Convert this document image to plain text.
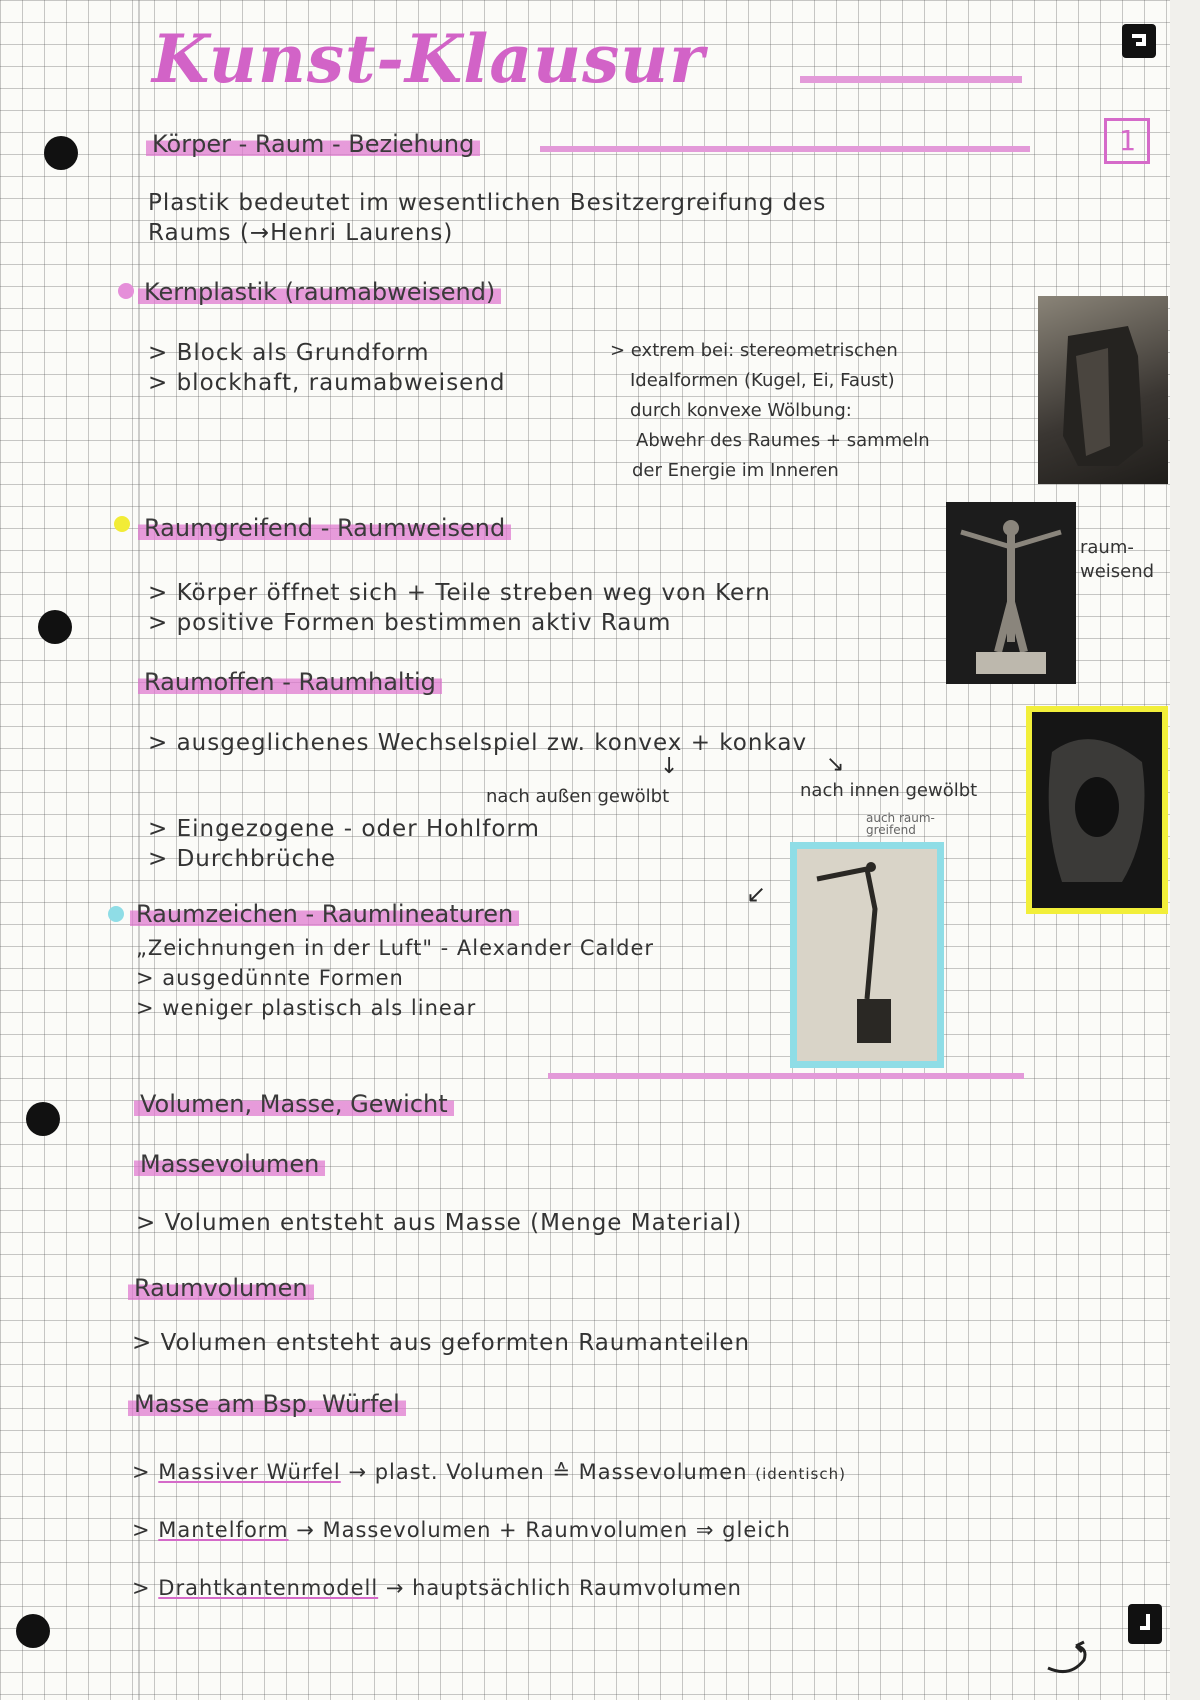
Kunst-Klausur
1
Körper - Raum - Beziehung
Plastik bedeutet im wesentlichen Besitzergreifung des
Raums (→Henri Laurens)
Kernplastik (raumabweisend)
> Block als Grundform
> blockhaft, raumabweisend
> extrem bei: stereometrischen
Idealformen (Kugel, Ei, Faust)
durch konvexe Wölbung:
Abwehr des Raumes + sammeln
der Energie im Inneren
Raumgreifend - Raumweisend
> Körper öffnet sich + Teile streben weg von Kern
> positive Formen bestimmen aktiv Raum
raum-
weisend
Raumoffen - Raumhaltig
> ausgeglichenes Wechselspiel zw. konvex + konkav
↓	↘
nach außen gewölbt	nach innen gewölbt
auch raum-
greifend
> Eingezogene - oder Hohlform
> Durchbrüche
Raumzeichen - Raumlineaturen
↙
„Zeichnungen in der Luft" - Alexander Calder
> ausgedünnte Formen
> weniger plastisch als linear
Volumen, Masse, Gewicht
Massevolumen
> Volumen entsteht aus Masse (Menge Material)
Raumvolumen
> Volumen entsteht aus geformten Raumanteilen
Masse am Bsp. Würfel
> Massiver Würfel → plast. Volumen ≙ Massevolumen (identisch)
> Mantelform → Massevolumen + Raumvolumen ⇒ gleich
> Drahtkantenmodell → hauptsächlich Raumvolumen
